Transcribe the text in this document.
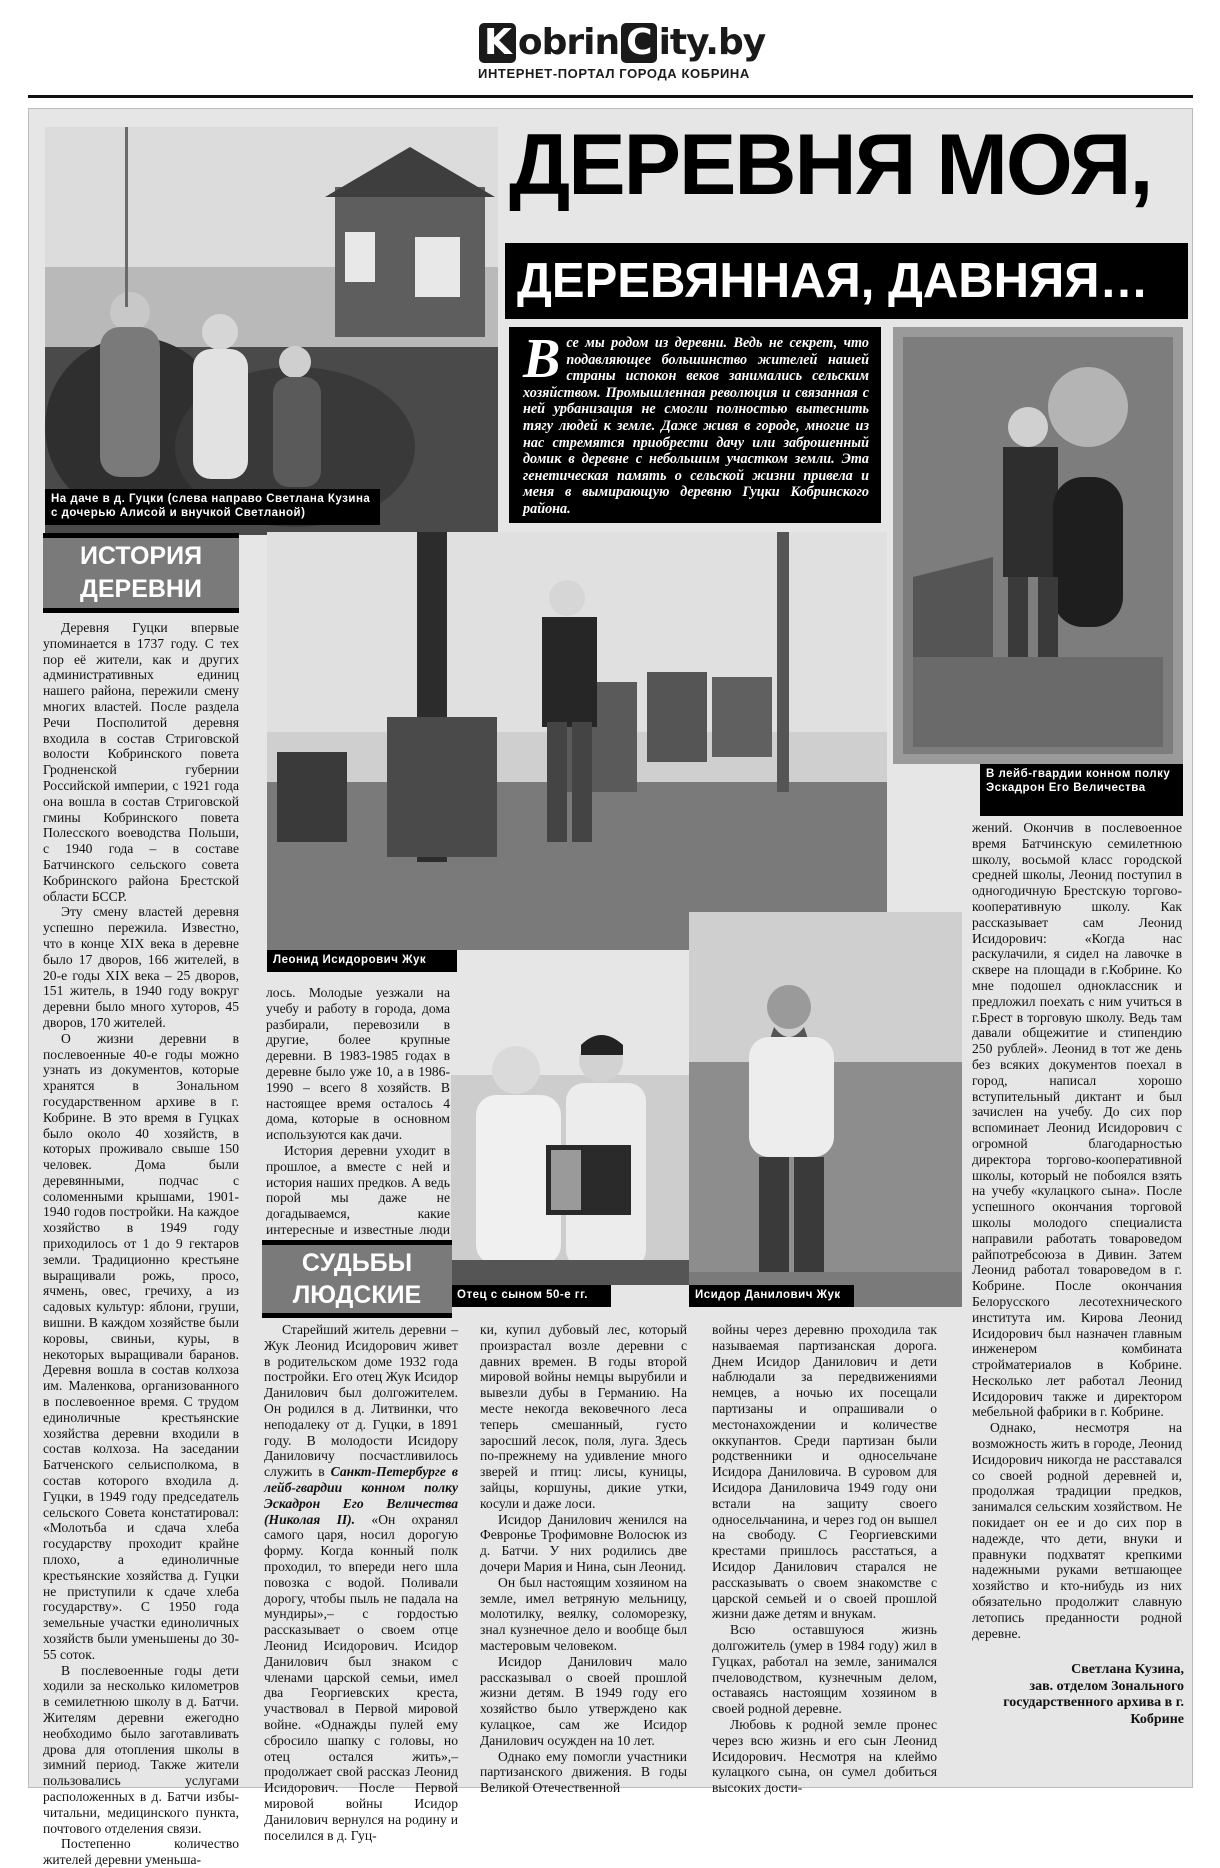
K obrin C ity.by
ИНТЕРНЕТ-ПОРТАЛ ГОРОДА КОБРИНА
На даче в д. Гуцки (слева направо Светлана Кузина с дочерью Алисой и внучкой Светланой)
ДЕРЕВНЯ МОЯ,
ДЕРЕВЯННАЯ, ДАВНЯЯ…
Все мы родом из деревни. Ведь не секрет, что подавляющее большинство жителей нашей страны испокон веков занимались сельским хозяйством. Промышленная революция и связанная с ней урбанизация не смогли полностью вытеснить тягу людей к земле. Даже живя в городе, многие из нас стремятся приобрести дачу или заброшенный домик в деревне с небольшим участком земли. Эта генетическая память о сельской жизни привела и меня в вымирающую деревню Гуцки Кобринского района.
В лейб-гвардии конном полку Эскадрон Его Величества
ИСТОРИЯ
ДЕРЕВНИ
Леонид Исидорович Жук

Деревня Гуцки впервые упоминается в 1737 году. С тех пор её жители, как и других административных единиц нашего района, пережили смену многих властей. После раздела Речи Посполитой деревня входила в состав Стриговской волости Кобринского повета Гродненской губернии Российской империи, с 1921 года она вошла в состав Стриговской гмины Кобринского повета Полесского воеводства Польши, с 1940 года – в составе Батчинского сельского совета Кобринского района Брестской области БССР.

Эту смену властей деревня успешно пережила. Известно, что в конце XIX века в деревне было 17 дворов, 166 жителей, в 20-е годы XIX века – 25 дворов, 151 житель, в 1940 году вокруг деревни было много хуторов, 45 дворов, 170 жителей.

О жизни деревни в послевоенные 40-е годы можно узнать из документов, которые хранятся в Зональном государственном архиве в г. Кобрине. В это время в Гуцках было около 40 хозяйств, в которых проживало свыше 150 человек. Дома были деревянными, подчас с соломенными крышами, 1901-1940 годов постройки. На каждое хозяйство в 1949 году приходилось от 1 до 9 гектаров земли. Традиционно крестьяне выращивали рожь, просо, ячмень, овес, гречиху, а из садовых культур: яблони, груши, вишни. В каждом хозяйстве были коровы, свиньи, куры, в некоторых выращивали баранов. Деревня вошла в состав колхоза им. Маленкова, организованного в послевоенное время. С трудом единоличные крестьянские хозяйства деревни входили в состав колхоза. На заседании Батченского сельисполкома, в состав которого входила д. Гуцки, в 1949 году председатель сельского Совета констатировал: «Молотьба и сдача хлеба государству проходит крайне плохо, а единоличные крестьянские хозяйства д. Гуцки не приступили к сдаче хлеба государству». С 1950 года земельные участки единоличных хозяйств были уменьшены до 30-55 соток.

В послевоенные годы дети ходили за несколько километров в семилетнюю школу в д. Батчи. Жителям деревни ежегодно необходимо было заготавливать дрова для отопления школы в зимний период. Также жители пользовались услугами расположенных в д. Батчи избы-читальни, медицинского пункта, почтового отделения связи.

Постепенно количество жителей деревни уменьша-

лось. Молодые уезжали на учебу и работу в города, дома разбирали, перевозили в другие, более крупные деревни. В 1983-1985 годах в деревне было уже 10, а в 1986-1990 – всего 8 хозяйств. В настоящее время осталось 4 дома, которые в основном используются как дачи.

История деревни уходит в прошлое, а вместе с ней и история наших предков. А ведь порой мы даже не догадываемся, какие интересные и известные люди

Отец с сыном 50-е гг.	Исидор Данилович Жук
СУДЬБЫ
ЛЮДСКИЕ

Старейший житель деревни – Жук Леонид Исидорович живет в родительском доме 1932 года постройки. Его отец Жук Исидор Данилович был долгожителем. Он родился в д. Литвинки, что неподалеку от д. Гуцки, в 1891 году. В молодости Исидору Даниловичу посчастливилось служить в Санкт-Петербурге в лейб-гвардии конном полку Эскадрон Его Величества (Николая II). «Он охранял самого царя, носил дорогую форму. Когда конный полк проходил, то впереди него шла повозка с водой. Поливали дорогу, чтобы пыль не падала на мундиры»,– с гордостью рассказывает о своем отце Леонид Исидорович. Исидор Данилович был знаком с членами царской семьи, имел два Георгиевских креста, участвовал в Первой мировой войне. «Однажды пулей ему сбросило шапку с головы, но отец остался жить»,– продолжает свой рассказ Леонид Исидорович. После Первой мировой войны Исидор Данилович вернулся на родину и поселился в д. Гуц-

ки, купил дубовый лес, который произрастал возле деревни с давних времен. В годы второй мировой войны немцы вырубили и вывезли дубы в Германию. На месте некогда вековечного леса теперь смешанный, густо заросший лесок, поля, луга. Здесь по-прежнему на удивление много зверей и птиц: лисы, куницы, зайцы, коршуны, дикие утки, косули и даже лоси.

Исидор Данилович женился на Февронье Трофимовне Волосюк из д. Батчи. У них родились две дочери Мария и Нина, сын Леонид.

Он был настоящим хозяином на земле, имел ветряную мельницу, молотилку, веялку, соломорезку, знал кузнечное дело и вообще был мастеровым человеком.

Исидор Данилович мало рассказывал о своей прошлой жизни детям. В 1949 году его хозяйство было утверждено как кулацкое, сам же Исидор Данилович осужден на 10 лет.

Однако ему помогли участники партизанского движения. В годы Великой Отечественной

войны через деревню проходила так называемая партизанская дорога. Днем Исидор Данилович и дети наблюдали за передвижениями немцев, а ночью их посещали партизаны и опрашивали о местонахождении и количестве оккупантов. Среди партизан были родственники и односельчане Исидора Даниловича. В суровом для Исидора Даниловича 1949 году они встали на защиту своего односельчанина, и через год он вышел на свободу. С Георгиевскими крестами пришлось расстаться, а Исидор Данилович старался не рассказывать о своем знакомстве с царской семьей и о своей прошлой жизни даже детям и внукам.

Всю оставшуюся жизнь долгожитель (умер в 1984 году) жил в Гуцках, работал на земле, занимался пчеловодством, кузнечным делом, оставаясь настоящим хозяином в своей родной деревне.

Любовь к родной земле пронес через всю жизнь и его сын Леонид Исидорович. Несмотря на клеймо кулацкого сына, он сумел добиться высоких дости-

жений. Окончив в послевоенное время Батчинскую семилетнюю школу, восьмой класс городской средней школы, Леонид поступил в одногодичную Брестскую торгово-кооперативную школу. Как рассказывает сам Леонид Исидорович: «Когда нас раскулачили, я сидел на лавочке в сквере на площади в г.Кобрине. Ко мне подошел одноклассник и предложил поехать с ним учиться в г.Брест в торговую школу. Ведь там давали общежитие и стипендию 250 рублей». Леонид в тот же день без всяких документов поехал в город, написал хорошо вступительный диктант и был зачислен на учебу. До сих пор вспоминает Леонид Исидорович с огромной благодарностью директора торгово-кооперативной школы, который не побоялся взять на учебу «кулацкого сына». После успешного окончания торговой школы молодого специалиста направили работать товароведом райпотребсоюза в Дивин. Затем Леонид работал товароведом в г. Кобрине. После окончания Белорусского лесотехнического института им. Кирова Леонид Исидорович был назначен главным инженером комбината стройматериалов в Кобрине. Несколько лет работал Леонид Исидорович также и директором мебельной фабрики в г. Кобрине.

Однако, несмотря на возможность жить в городе, Леонид Исидорович никогда не расставался со своей родной деревней и, продолжая традиции предков, занимался сельским хозяйством. Не покидает он ее и до сих пор в надежде, что дети, внуки и правнуки подхватят крепкими надежными руками ветшающее хозяйство и кто-нибудь из них обязательно продолжит славную летопись преданности родной деревне.

Светлана Кузина,
зав. отделом Зонального государственного архива в г. Кобрине
